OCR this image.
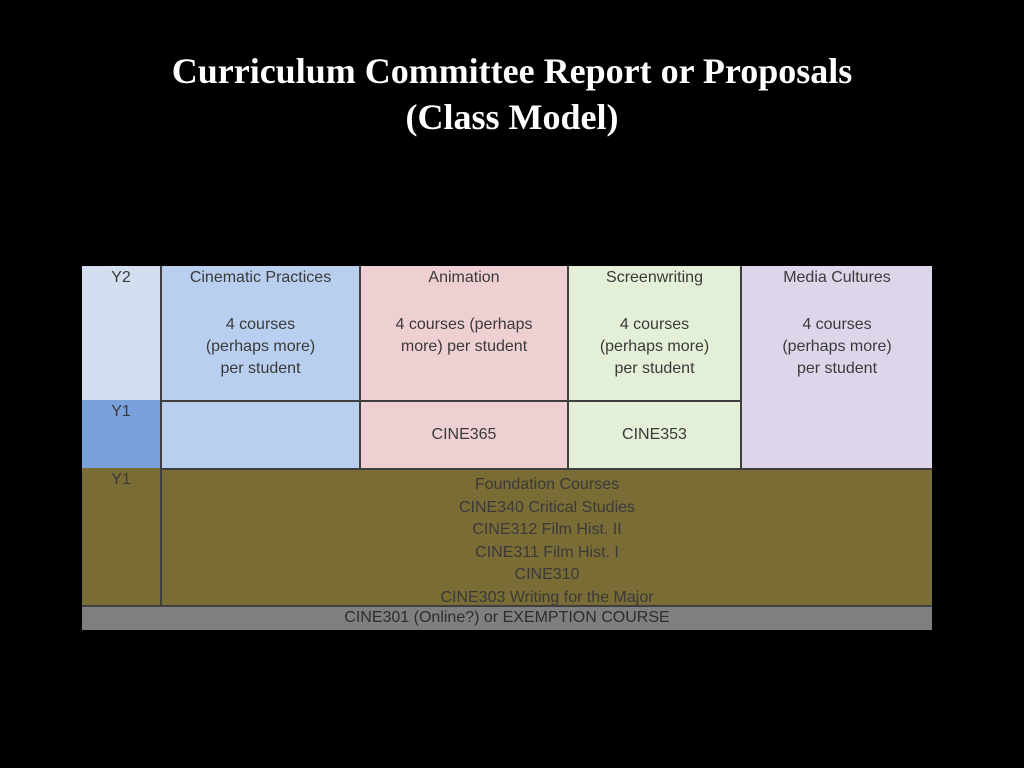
Curriculum Committee Report or Proposals
(Class Model)
Y2
Y1
Y1
Cinematic Practices
4 courses
(perhaps more)
per student
Animation
4 courses (perhaps
more) per student
CINE365
Screenwriting
4 courses
(perhaps more)
per student
CINE353
Media Cultures
4 courses
(perhaps more)
per student
Foundation Courses
CINE340 Critical Studies
CINE312 Film Hist. II
CINE311 Film Hist. I
CINE310
CINE303 Writing for the Major
CINE301 (Online?) or EXEMPTION COURSE
